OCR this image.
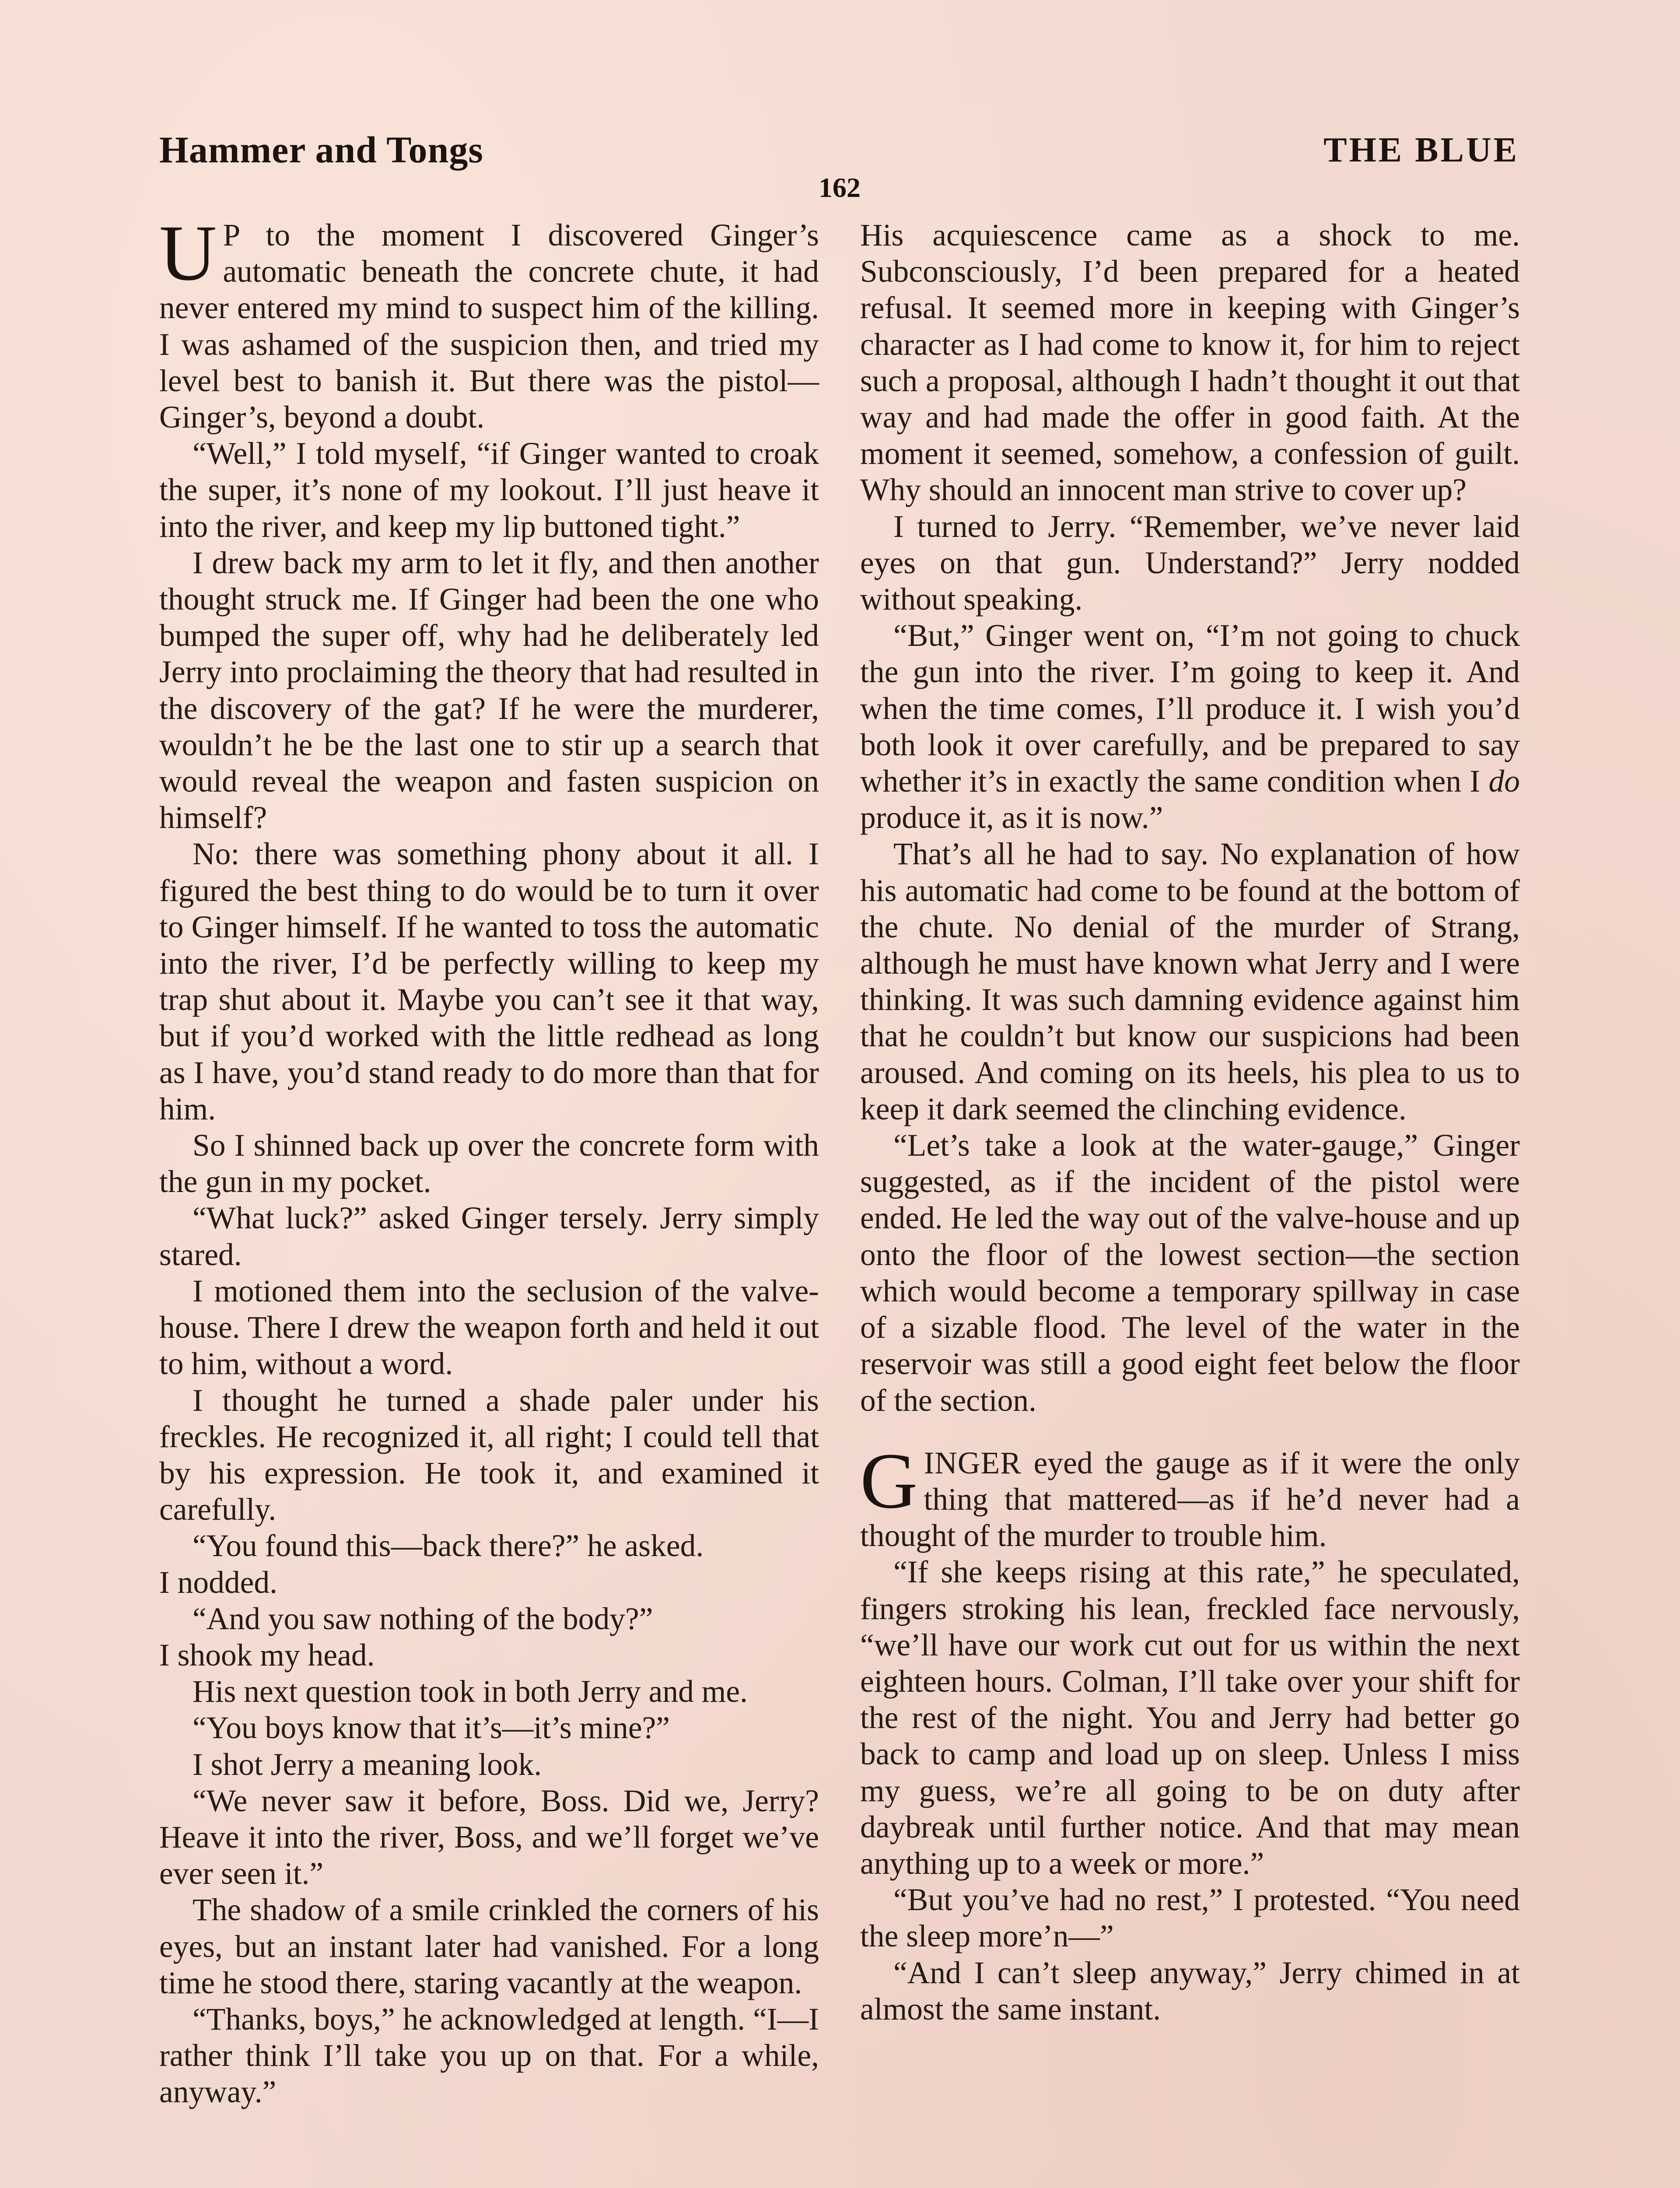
Hammer and Tongs	THE BLUE
162

U P to the moment I discovered Ginger’s automatic beneath the concrete chute, it had never entered my mind to suspect him of the killing. I was ashamed of the suspicion then, and tried my level best to banish it. But there was the pistol—Ginger’s, beyond a doubt.

“Well,” I told myself, “if Ginger wanted to croak the super, it’s none of my lookout. I’ll just heave it into the river, and keep my lip buttoned tight.”

I drew back my arm to let it fly, and then another thought struck me. If Ginger had been the one who bumped the super off, why had he deliberately led Jerry into proclaiming the theory that had resulted in the discovery of the gat? If he were the murderer, wouldn’t he be the last one to stir up a search that would reveal the weapon and fasten suspicion on himself?

No: there was something phony about it all. I figured the best thing to do would be to turn it over to Ginger himself. If he wanted to toss the automatic into the river, I’d be perfectly willing to keep my trap shut about it. Maybe you can’t see it that way, but if you’d worked with the little redhead as long as I have, you’d stand ready to do more than that for him.

So I shinned back up over the concrete form with the gun in my pocket.

“What luck?” asked Ginger tersely. Jerry simply stared.

I motioned them into the seclusion of the valve-house. There I drew the weapon forth and held it out to him, without a word.

I thought he turned a shade paler under his freckles. He recognized it, all right; I could tell that by his expression. He took it, and examined it carefully.

“You found this—back there?” he asked.

I nodded.

“And you saw nothing of the body?”

I shook my head.

His next question took in both Jerry and me.

“You boys know that it’s—it’s mine?”

I shot Jerry a meaning look.

“We never saw it before, Boss. Did we, Jerry? Heave it into the river, Boss, and we’ll forget we’ve ever seen it.”

The shadow of a smile crinkled the corners of his eyes, but an instant later had vanished. For a long time he stood there, staring vacantly at the weapon.

“Thanks, boys,” he acknowledged at length. “I—I rather think I’ll take you up on that. For a while, anyway.”

His acquiescence came as a shock to me. Subconsciously, I’d been prepared for a heated refusal. It seemed more in keeping with Ginger’s character as I had come to know it, for him to reject such a proposal, although I hadn’t thought it out that way and had made the offer in good faith. At the moment it seemed, somehow, a confession of guilt. Why should an innocent man strive to cover up?

I turned to Jerry. “Remember, we’ve never laid eyes on that gun. Understand?” Jerry nodded without speaking.

“But,” Ginger went on, “I’m not going to chuck the gun into the river. I’m going to keep it. And when the time comes, I’ll produce it. I wish you’d both look it over carefully, and be prepared to say whether it’s in exactly the same condition when I do produce it, as it is now.”

That’s all he had to say. No explanation of how his automatic had come to be found at the bottom of the chute. No denial of the murder of Strang, although he must have known what Jerry and I were thinking. It was such damning evidence against him that he couldn’t but know our suspicions had been aroused. And coming on its heels, his plea to us to keep it dark seemed the clinching evidence.

“Let’s take a look at the water-gauge,” Ginger suggested, as if the incident of the pistol were ended. He led the way out of the valve-house and up onto the floor of the lowest section—the section which would become a temporary spillway in case of a sizable flood. The level of the water in the reservoir was still a good eight feet below the floor of the section.

GINGER eyed the gauge as if it were the only thing that mattered—as if he’d never had a thought of the murder to trouble him.

“If she keeps rising at this rate,” he speculated, fingers stroking his lean, freckled face nervously, “we’ll have our work cut out for us within the next eighteen hours. Colman, I’ll take over your shift for the rest of the night. You and Jerry had better go back to camp and load up on sleep. Unless I miss my guess, we’re all going to be on duty after daybreak until further notice. And that may mean anything up to a week or more.”

“But you’ve had no rest,” I protested. “You need the sleep more’n—”

“And I can’t sleep anyway,” Jerry chimed in at almost the same instant.
